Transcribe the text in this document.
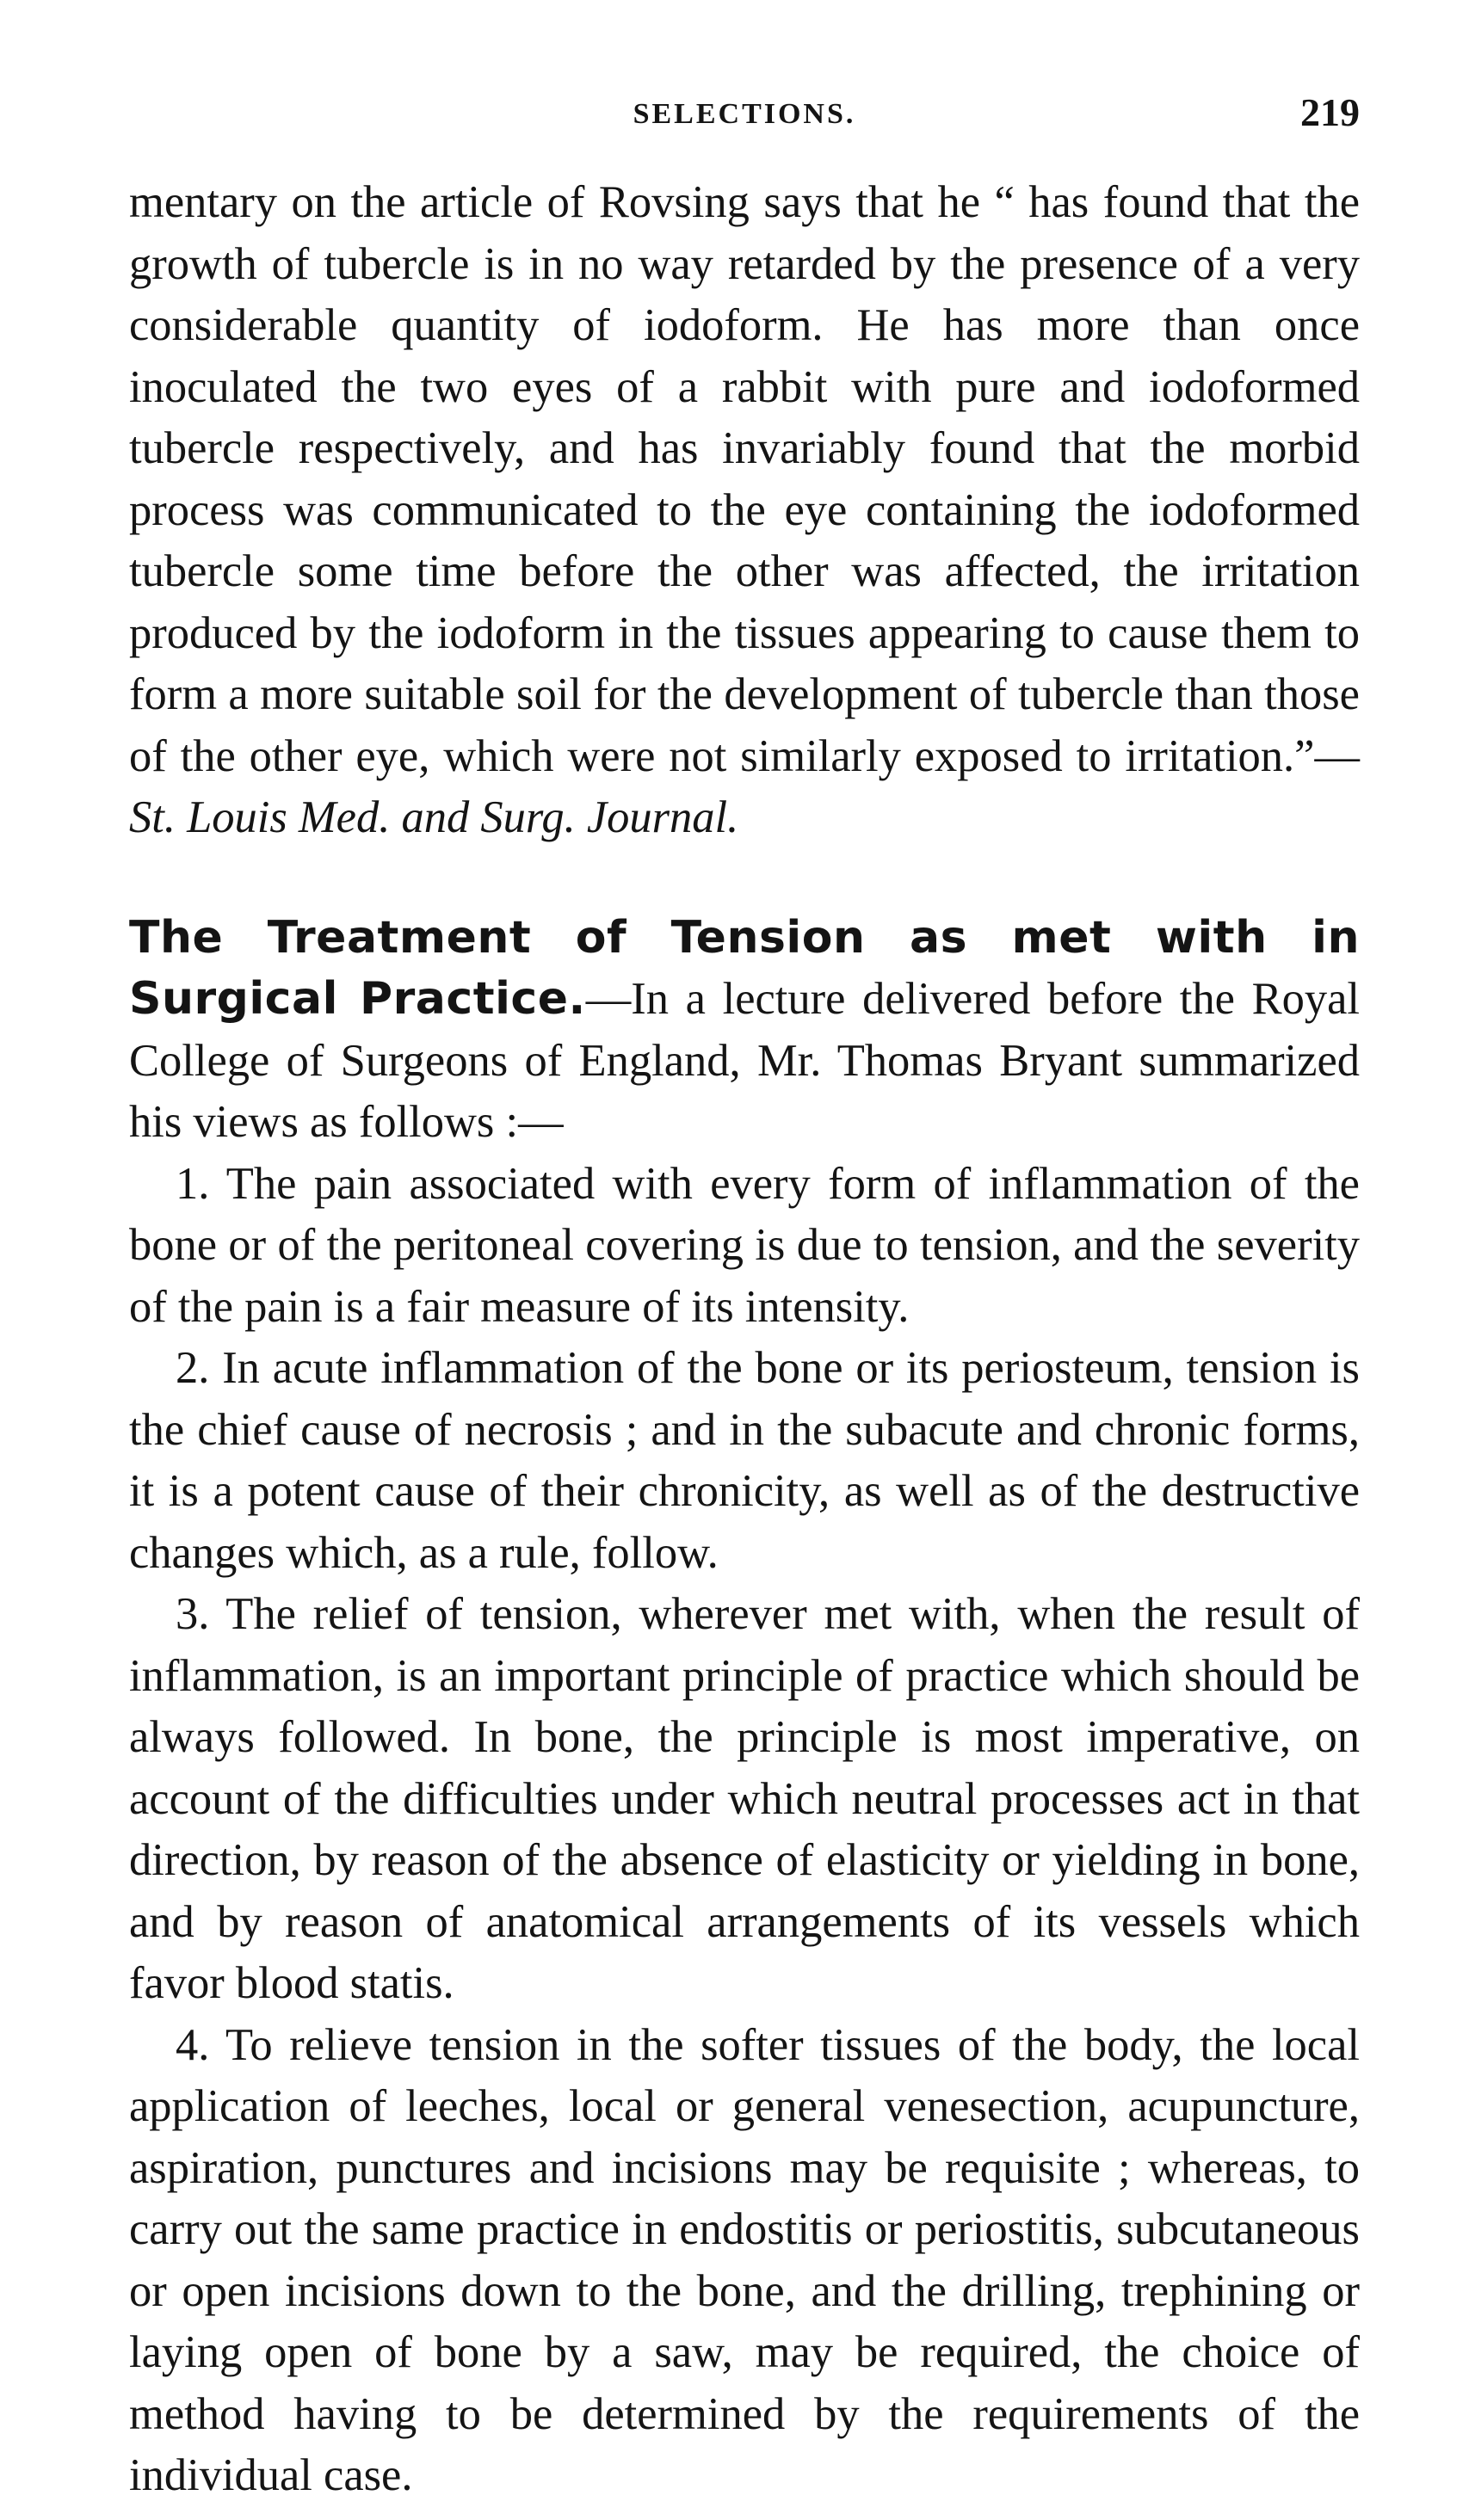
SELECTIONS.	219

mentary on the article of Rovsing says that he “ has found that the growth of tubercle is in no way retarded by the presence of a very considerable quantity of iodoform. He has more than once inoculated the two eyes of a rabbit with pure and iodoformed tubercle respectively, and has invariably found that the morbid process was communicated to the eye containing the iodoformed tubercle some time before the other was affected, the irritation produced by the iodoform in the tissues appearing to cause them to form a more suitable soil for the development of tubercle than those of the other eye, which were not similarly exposed to irritation.”—St. Louis Med. and Surg. Journal.

The Treatment of Tension as met with in Surgical Practice.—In a lecture delivered before the Royal College of Surgeons of England, Mr. Thomas Bryant summarized his views as follows :—

1. The pain associated with every form of inflammation of the bone or of the peritoneal covering is due to tension, and the severity of the pain is a fair measure of its intensity.

2. In acute inflammation of the bone or its periosteum, tension is the chief cause of necrosis ; and in the subacute and chronic forms, it is a potent cause of their chronicity, as well as of the destructive changes which, as a rule, follow.

3. The relief of tension, wherever met with, when the result of inflammation, is an important principle of practice which should be always followed. In bone, the principle is most imperative, on account of the difficulties under which neutral processes act in that direction, by reason of the absence of elasticity or yielding in bone, and by reason of anatomical arrangements of its vessels which favor blood statis.

4. To relieve tension in the softer tissues of the body, the local application of leeches, local or general venesection, acupuncture, aspiration, punctures and incisions may be requisite ; whereas, to carry out the same practice in endostitis or periostitis, subcutaneous or open incisions down to the bone, and the drilling, trephining or laying open of bone by a saw, may be required, the choice of method having to be determined by the requirements of the individual case.
